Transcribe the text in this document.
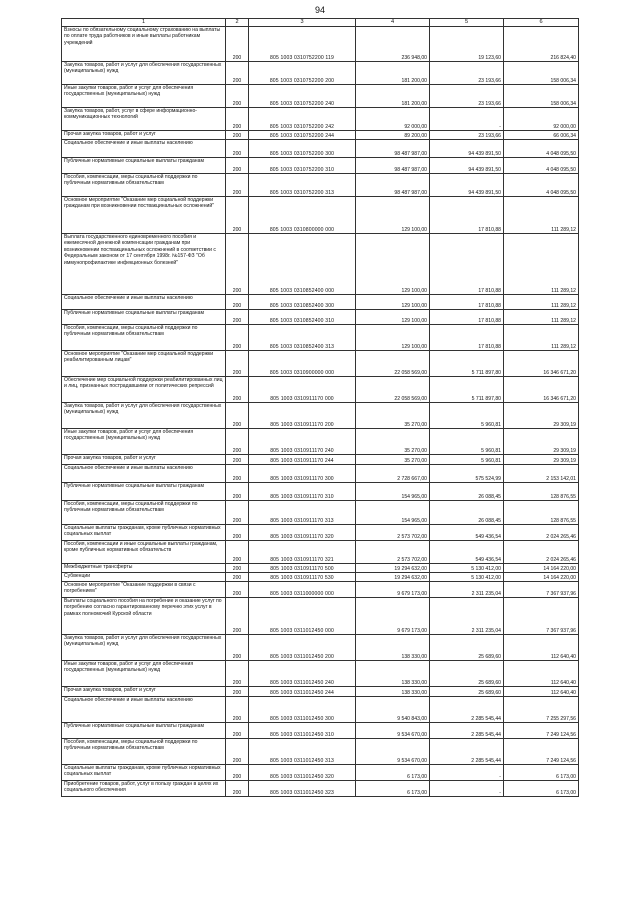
94
1	2	3	4	5	6
Взносы по обязательному социальному страхованию на выплаты по оплате труда работников и иные выплаты работникам учреждений	200	805 1003 0310752200 119	236 948,00	19 123,60	216 824,40
Закупка товаров, работ и услуг для обеспечения государственных (муниципальных) нужд	200	805 1003 0310752200 200	181 200,00	23 193,66	158 006,34
Иные закупки товаров, работ и услуг для обеспечения государственных (муниципальных) нужд	200	805 1003 0310752200 240	181 200,00	23 193,66	158 006,34
Закупка товаров, работ, услуг в сфере информационно-коммуникационных технологий	200	805 1003 0310752200 242	92 000,00	-	92 000,00
Прочая закупка товаров, работ и услуг	200	805 1003 0310752200 244	89 200,00	23 193,66	66 006,34
Социальное обеспечение и иные выплаты населению	200	805 1003 0310752200 300	98 487 987,00	94 439 891,50	4 048 095,50
Публичные нормативные социальные выплаты гражданам	200	805 1003 0310752200 310	98 487 987,00	94 439 891,50	4 048 095,50
Пособия, компенсации, меры социальной поддержки по публичным нормативным обязательствам	200	805 1003 0310752200 313	98 487 987,00	94 439 891,50	4 048 095,50
Основное мероприятие "Оказание мер социальной поддержки гражданам при возникновении поствакцинальных осложнений"	200	805 1003 0310800000 000	129 100,00	17 810,88	111 289,12
Выплата государственного единовременного пособия и ежемесячной денежной компенсации гражданам при возникновении поствакцинальных осложнений в соответствии с Федеральным законом от 17 сентября 1998г. №157-ФЗ "Об иммунопрофилактике инфекционных болезней"	200	805 1003 0310852400 000	129 100,00	17 810,88	111 289,12
Социальное обеспечение и иные выплаты населению	200	805 1003 0310852400 300	129 100,00	17 810,88	111 289,12
Публичные нормативные социальные выплаты гражданам	200	805 1003 0310852400 310	129 100,00	17 810,88	111 289,12
Пособия, компенсации, меры социальной поддержки по публичным нормативным обязательствам	200	805 1003 0310852400 313	129 100,00	17 810,88	111 289,12
Основное мероприятие "Оказание мер социальной поддержки реабилитированным лицам"	200	805 1003 0310900000 000	22 058 569,00	5 711 897,80	16 346 671,20
Обеспечение мер социальной поддержки реабилитированных лиц и лиц, признанных пострадавшими от политических репрессий	200	805 1003 0310911170 000	22 058 569,00	5 711 897,80	16 346 671,20
Закупка товаров, работ и услуг для обеспечения государственных (муниципальных) нужд	200	805 1003 0310911170 200	35 270,00	5 960,81	29 309,19
Иные закупки товаров, работ и услуг для обеспечения государственных (муниципальных) нужд	200	805 1003 0310911170 240	35 270,00	5 960,81	29 309,19
Прочая закупка товаров, работ и услуг	200	805 1003 0310911170 244	35 270,00	5 960,81	29 309,19
Социальное обеспечение и иные выплаты населению	200	805 1003 0310911170 300	2 728 667,00	575 524,99	2 153 142,01
Публичные нормативные социальные выплаты гражданам	200	805 1003 0310911170 310	154 965,00	26 088,45	128 876,55
Пособия, компенсации, меры социальной поддержки по публичным нормативным обязательствам	200	805 1003 0310911170 313	154 965,00	26 088,45	128 876,55
Социальные выплаты гражданам, кроме публичных нормативных социальных выплат	200	805 1003 0310911170 320	2 573 702,00	549 436,54	2 024 265,46
Пособия, компенсации и иные социальные выплаты гражданам, кроме публичных нормативных обязательств	200	805 1003 0310911170 321	2 573 702,00	549 436,54	2 024 265,46
Межбюджетные трансферты	200	805 1003 0310911170 500	19 294 632,00	5 130 412,00	14 164 220,00
Субвенции	200	805 1003 0310911170 530	19 294 632,00	5 130 412,00	14 164 220,00
Основное мероприятие "Оказание поддержки в связи с погребением"	200	805 1003 0311000000 000	9 679 173,00	2 311 235,04	7 367 937,96
Выплаты социального пособия на погребение и оказание услуг по погребению согласно гарантированному перечню этих услуг в рамках полномочий Курской области	200	805 1003 0311012450 000	9 679 173,00	2 311 235,04	7 367 937,96
Закупка товаров, работ и услуг для обеспечения государственных (муниципальных) нужд	200	805 1003 0311012450 200	138 330,00	25 689,60	112 640,40
Иные закупки товаров, работ и услуг для обеспечения государственных (муниципальных) нужд	200	805 1003 0311012450 240	138 330,00	25 689,60	112 640,40
Прочая закупка товаров, работ и услуг	200	805 1003 0311012450 244	138 330,00	25 689,60	112 640,40
Социальное обеспечение и иные выплаты населению	200	805 1003 0311012450 300	9 540 843,00	2 285 545,44	7 255 297,56
Публичные нормативные социальные выплаты гражданам	200	805 1003 0311012450 310	9 534 670,00	2 285 545,44	7 249 124,56
Пособия, компенсации, меры социальной поддержки по публичным нормативным обязательствам	200	805 1003 0311012450 313	9 534 670,00	2 285 545,44	7 249 124,56
Социальные выплаты гражданам, кроме публичных нормативных социальных выплат	200	805 1003 0311012450 320	6 173,00	-	6 173,00
Приобретение товаров, работ, услуг в пользу граждан в целях их социального обеспечения	200	805 1003 0311012450 323	6 173,00	-	6 173,00
